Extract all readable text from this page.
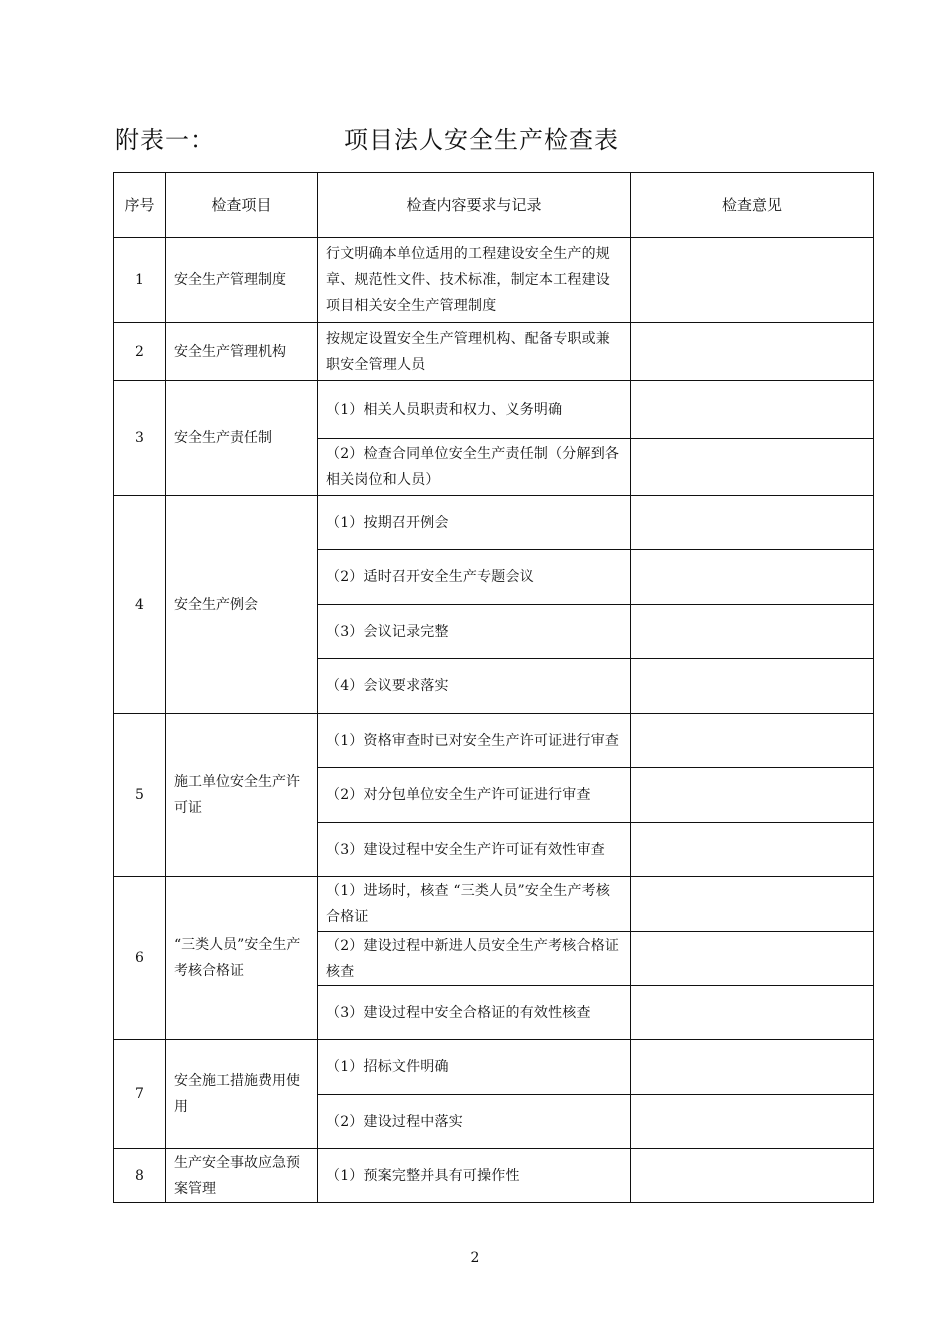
附表一：	项目法人安全生产检查表
序号	检查项目	检查内容要求与记录	检查意见
1	安全生产管理制度	行文明确本单位适用的工程建设安全生产的规章、规范性文件、技术标准，制定本工程建设项目相关安全生产管理制度	
2	安全生产管理机构	按规定设置安全生产管理机构、配备专职或兼职安全管理人员	
3	安全生产责任制	（1）相关人员职责和权力、义务明确	
		（2）检查合同单位安全生产责任制（分解到各相关岗位和人员）	
4	安全生产例会	（1）按期召开例会	
		（2）适时召开安全生产专题会议	
		（3）会议记录完整	
		（4）会议要求落实	
5	施工单位安全生产许可证	（1）资格审查时已对安全生产许可证进行审查	
		（2）对分包单位安全生产许可证进行审查	
		（3）建设过程中安全生产许可证有效性审查	
6	“三类人员”安全生产考核合格证	（1）进场时，核查 “三类人员”安全生产考核合格证	
		（2）建设过程中新进人员安全生产考核合格证核查	
		（3）建设过程中安全合格证的有效性核查	
7	安全施工措施费用使用	（1）招标文件明确	
		（2）建设过程中落实	
8	生产安全事故应急预案管理	（1）预案完整并具有可操作性	
2
